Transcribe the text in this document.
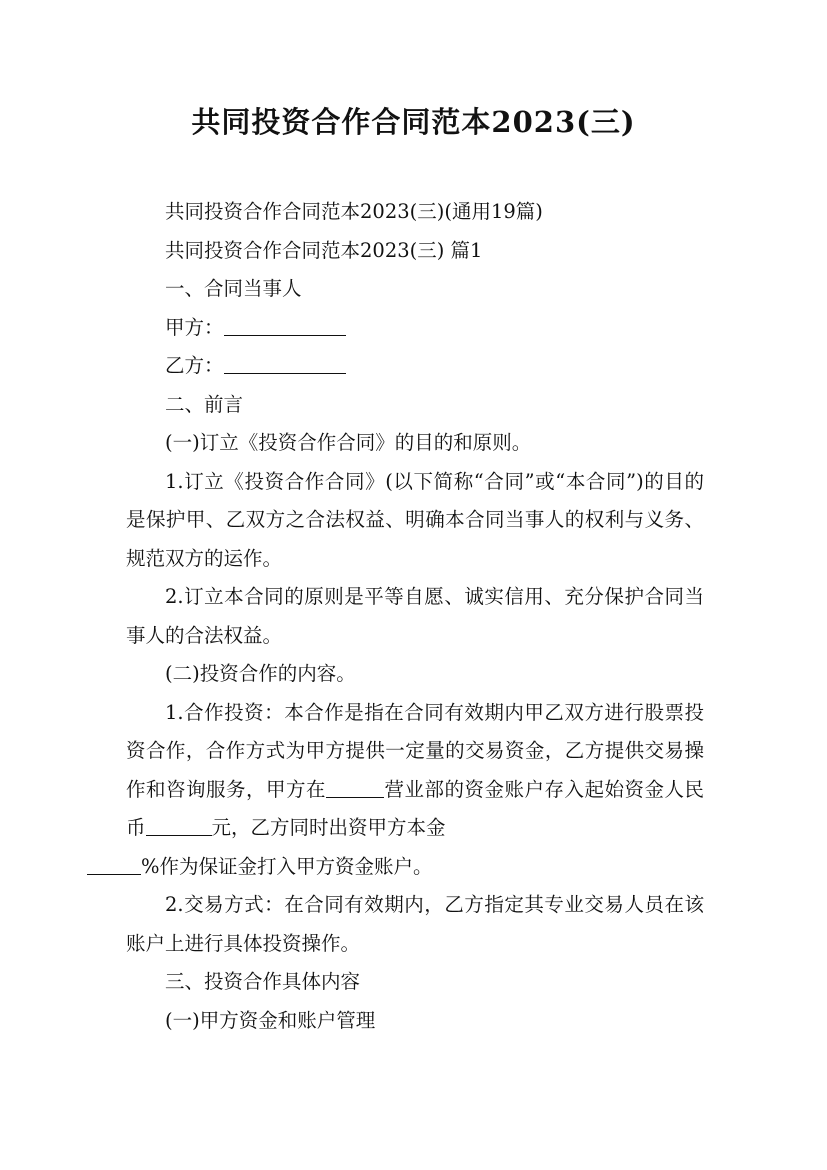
共同投资合作合同范本2023(三)

共同投资合作合同范本2023(三)(通用19篇)

共同投资合作合同范本2023(三) 篇1

一、合同当事人

甲方：

乙方：

二、前言

(一)订立《投资合作合同》的目的和原则。

1.订立《投资合作合同》(以下简称“合同”或“本合同”)的目的是保护甲、乙双方之合法权益、明确本合同当事人的权利与义务、规范双方的运作。

2.订立本合同的原则是平等自愿、诚实信用、充分保护合同当事人的合法权益。

(二)投资合作的内容。

1.合作投资：本合作是指在合同有效期内甲乙双方进行股票投资合作，合作方式为甲方提供一定量的交易资金，乙方提供交易操作和咨询服务，甲方在	营业部的资金账户存入起始资金人民币	元，乙方同时出资甲方本金
%作为保证金打入甲方资金账户。

2.交易方式：在合同有效期内，乙方指定其专业交易人员在该账户上进行具体投资操作。

三、投资合作具体内容

(一)甲方资金和账户管理
